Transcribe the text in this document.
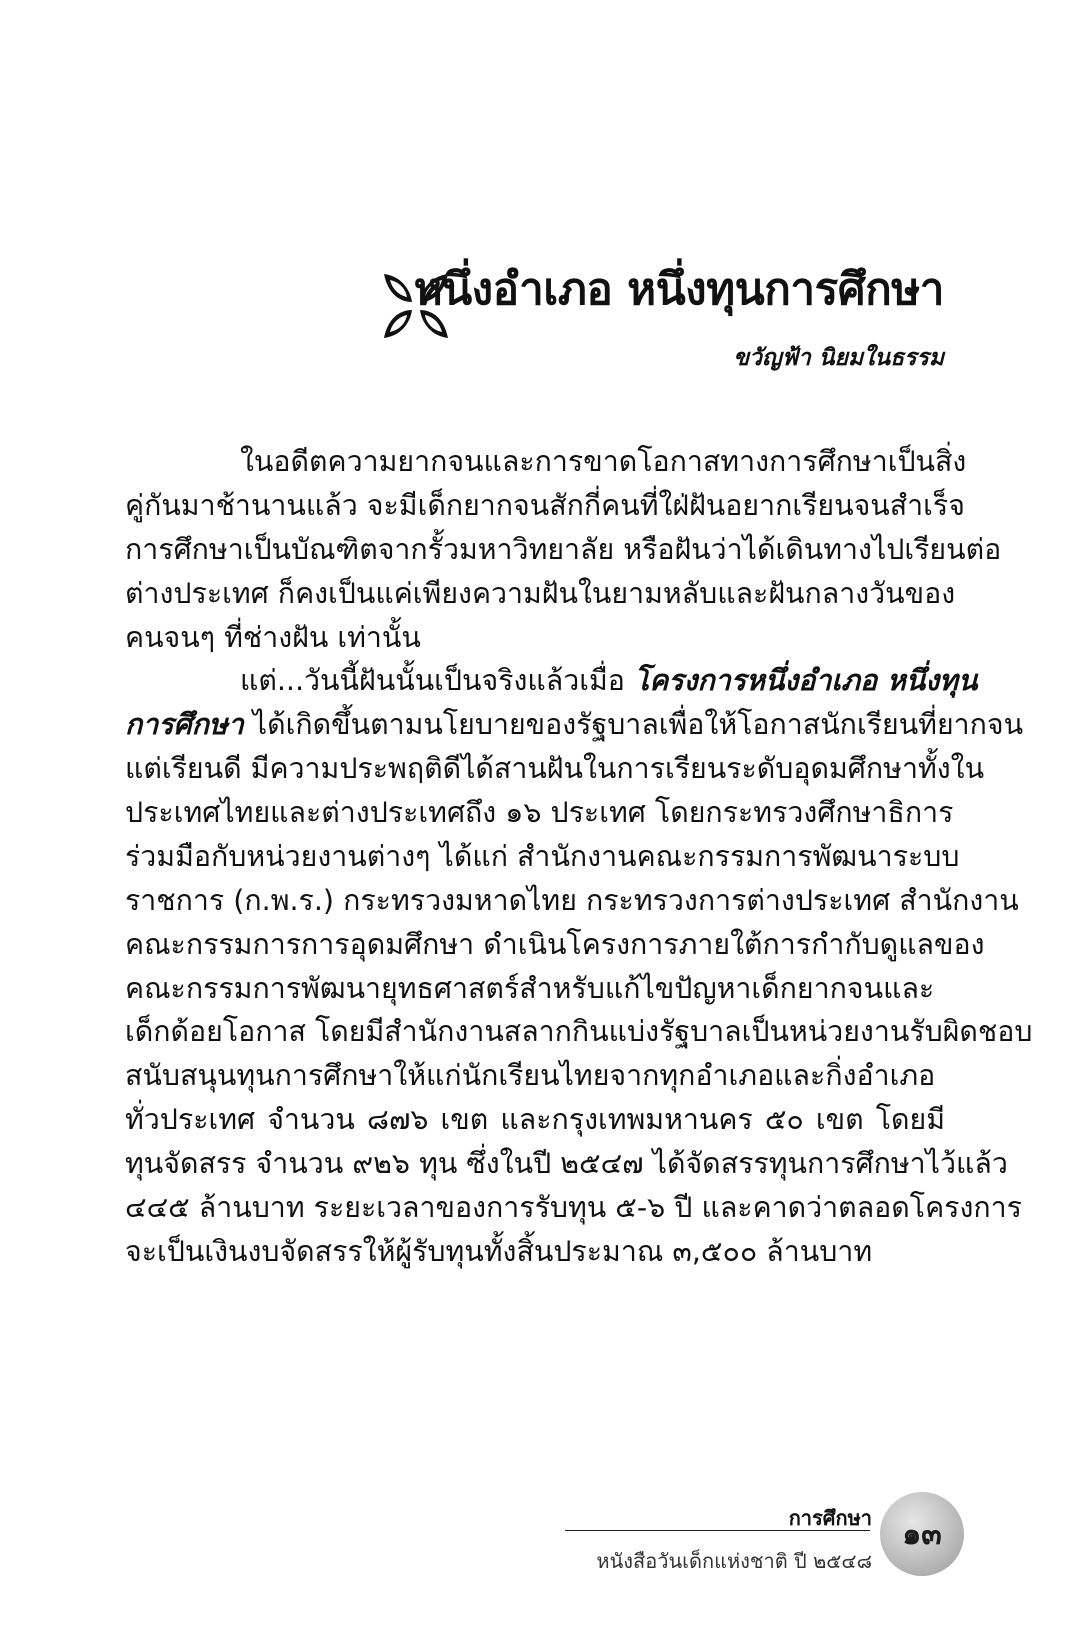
หนึ่งอำเภอ หนึ่งทุนการศึกษา
ขวัญฟ้า นิยมในธรรม

ในอดีตความยากจนและการขาดโอกาสทางการศึกษาเป็นสิ่ง
คู่กันมาช้านานแล้ว จะมีเด็กยากจนสักกี่คนที่ใฝ่ฝันอยากเรียนจนสำเร็จ
การศึกษาเป็นบัณฑิตจากรั้วมหาวิทยาลัย หรือฝันว่าได้เดินทางไปเรียนต่อ
ต่างประเทศ ก็คงเป็นแค่เพียงความฝันในยามหลับและฝันกลางวันของ
คนจนๆ ที่ช่างฝัน เท่านั้น

แต่...วันนี้ฝันนั้นเป็นจริงแล้วเมื่อ โครงการหนึ่งอำเภอ หนึ่งทุน
การศึกษา ได้เกิดขึ้นตามนโยบายของรัฐบาลเพื่อให้โอกาสนักเรียนที่ยากจน
แต่เรียนดี มีความประพฤติดีได้สานฝันในการเรียนระดับอุดมศึกษาทั้งใน
ประเทศไทยและต่างประเทศถึง ๑๖ ประเทศ โดยกระทรวงศึกษาธิการ
ร่วมมือกับหน่วยงานต่างๆ ได้แก่ สำนักงานคณะกรรมการพัฒนาระบบ
ราชการ (ก.พ.ร.) กระทรวงมหาดไทย กระทรวงการต่างประเทศ สำนักงาน
คณะกรรมการการอุดมศึกษา ดำเนินโครงการภายใต้การกำกับดูแลของ
คณะกรรมการพัฒนายุทธศาสตร์สำหรับแก้ไขปัญหาเด็กยากจนและ
เด็กด้อยโอกาส โดยมีสำนักงานสลากกินแบ่งรัฐบาลเป็นหน่วยงานรับผิดชอบ
สนับสนุนทุนการศึกษาให้แก่นักเรียนไทยจากทุกอำเภอและกิ่งอำเภอ
ทั่วประเทศ จำนวน ๘๗๖ เขต และกรุงเทพมหานคร ๕๐ เขต โดยมี
ทุนจัดสรร จำนวน ๙๒๖ ทุน ซึ่งในปี ๒๕๔๗ ได้จัดสรรทุนการศึกษาไว้แล้ว
๔๔๕ ล้านบาท ระยะเวลาของการรับทุน ๕-๖ ปี และคาดว่าตลอดโครงการ
จะเป็นเงินงบจัดสรรให้ผู้รับทุนทั้งสิ้นประมาณ ๓,๕๐๐ ล้านบาท

การศึกษา
หนังสือวันเด็กแห่งชาติ ปี ๒๕๔๘
๑๓
